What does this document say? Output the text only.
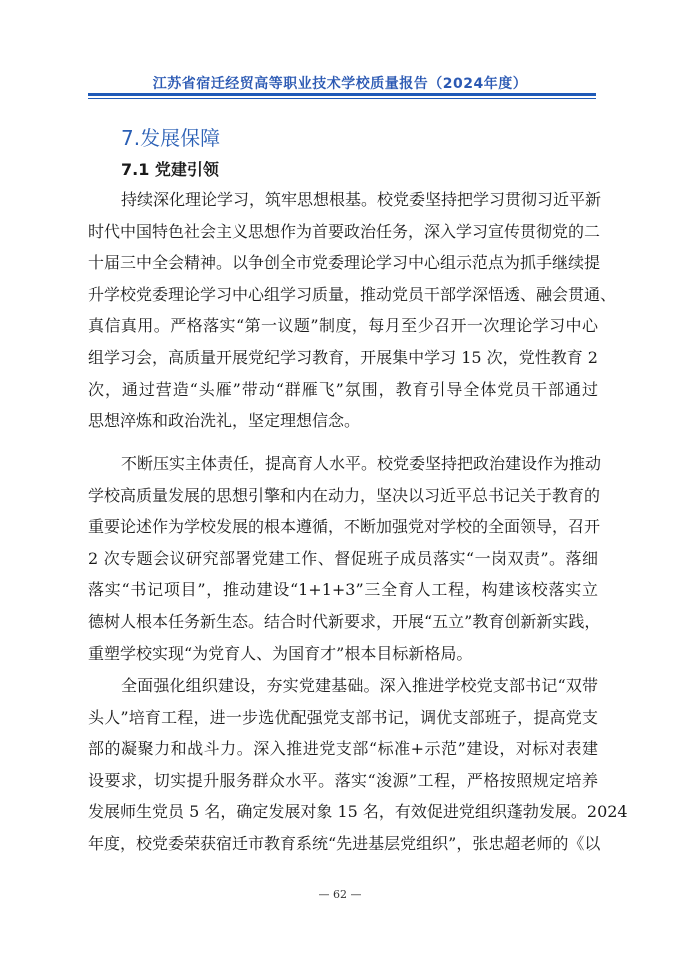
江苏省宿迁经贸高等职业技术学校质量报告（2024年度）
7.发展保障
7.1 党建引领
持续深化理论学习，筑牢思想根基。校党委坚持把学习贯彻习近平新
时代中国特色社会主义思想作为首要政治任务，深入学习宣传贯彻党的二
十届三中全会精神。以争创全市党委理论学习中心组示范点为抓手继续提
升学校党委理论学习中心组学习质量，推动党员干部学深悟透、融会贯通、
真信真用。严格落实“第一议题”制度，每月至少召开一次理论学习中心
组学习会，高质量开展党纪学习教育，开展集中学习 15 次，党性教育 2
次，通过营造“头雁”带动“群雁飞”氛围，教育引导全体党员干部通过
思想淬炼和政治洗礼，坚定理想信念。
不断压实主体责任，提高育人水平。校党委坚持把政治建设作为推动
学校高质量发展的思想引擎和内在动力，坚决以习近平总书记关于教育的
重要论述作为学校发展的根本遵循，不断加强党对学校的全面领导，召开
2 次专题会议研究部署党建工作、督促班子成员落实“一岗双责”。落细
落实“书记项目”，推动建设“1+1+3”三全育人工程，构建该校落实立
德树人根本任务新生态。结合时代新要求，开展“五立”教育创新新实践，
重塑学校实现“为党育人、为国育才”根本目标新格局。
全面强化组织建设，夯实党建基础。深入推进学校党支部书记“双带
头人”培育工程，进一步选优配强党支部书记，调优支部班子，提高党支
部的凝聚力和战斗力。深入推进党支部“标准+示范”建设，对标对表建
设要求，切实提升服务群众水平。落实“浚源”工程，严格按照规定培养
发展师生党员 5 名，确定发展对象 15 名，有效促进党组织蓬勃发展。2024
年度，校党委荣获宿迁市教育系统“先进基层党组织”，张忠超老师的《以
— 62 —
